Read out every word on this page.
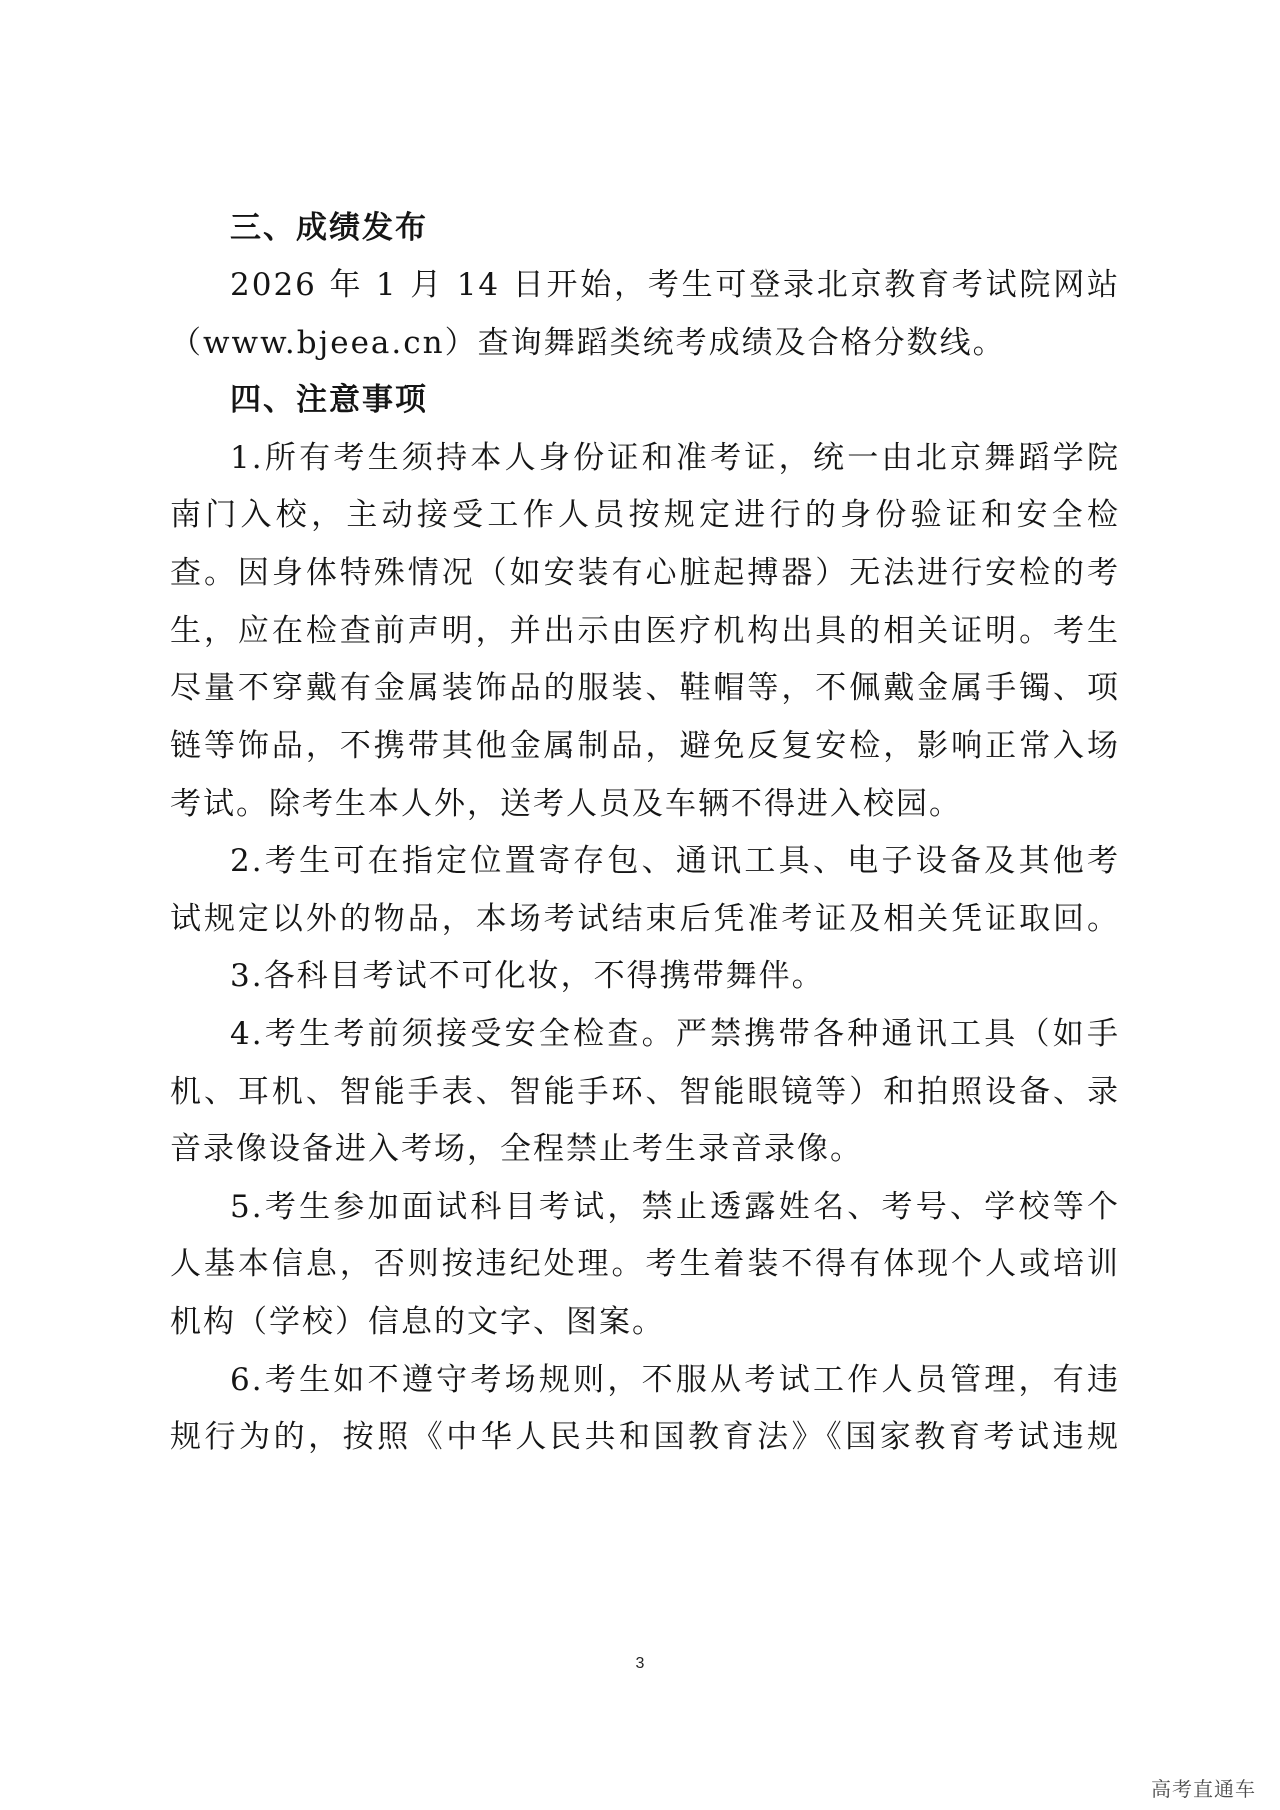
三、成绩发布
2026 年 1 月 14 日开始，考生可登录北京教育考试院网站
（www.bjeea.cn）查询舞蹈类统考成绩及合格分数线。
四、注意事项
1.所有考生须持本人身份证和准考证，统一由北京舞蹈学院
南门入校，主动接受工作人员按规定进行的身份验证和安全检
查。因身体特殊情况（如安装有心脏起搏器）无法进行安检的考
生，应在检查前声明，并出示由医疗机构出具的相关证明。考生
尽量不穿戴有金属装饰品的服装、鞋帽等，不佩戴金属手镯、项
链等饰品，不携带其他金属制品，避免反复安检，影响正常入场
考试。除考生本人外，送考人员及车辆不得进入校园。
2.考生可在指定位置寄存包、通讯工具、电子设备及其他考
试规定以外的物品，本场考试结束后凭准考证及相关凭证取回。
3.各科目考试不可化妆，不得携带舞伴。
4.考生考前须接受安全检查。严禁携带各种通讯工具（如手
机、耳机、智能手表、智能手环、智能眼镜等）和拍照设备、录
音录像设备进入考场，全程禁止考生录音录像。
5.考生参加面试科目考试，禁止透露姓名、考号、学校等个
人基本信息，否则按违纪处理。考生着装不得有体现个人或培训
机构（学校）信息的文字、图案。
6.考生如不遵守考场规则，不服从考试工作人员管理，有违
规行为的，按照《中华人民共和国教育法》《国家教育考试违规
3
高考直通车
